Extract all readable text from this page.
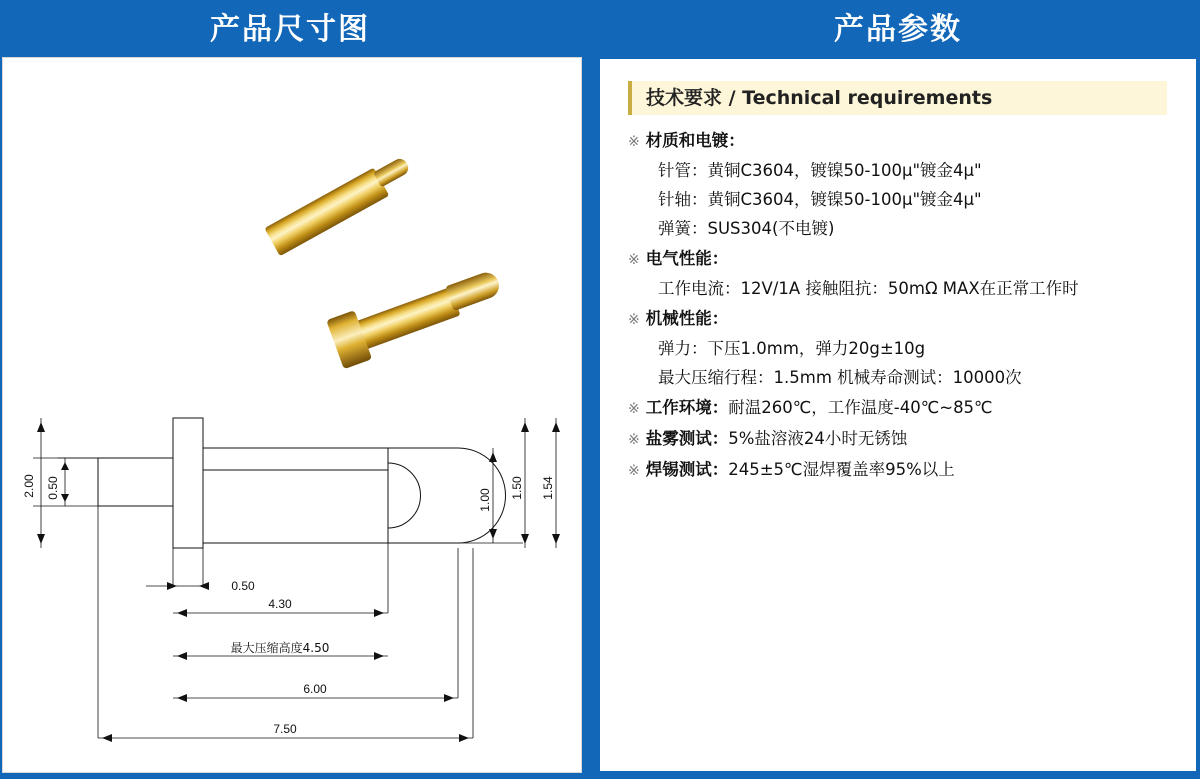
产品尺寸图	产品参数
2.00 0.50
1.00
1.50 1.54
0.50
4.30
最大压缩高度4.50
6.00
7.50
技术要求 / Technical requirements
※ 材质和电镀：
针管：黄铜C3604，镀镍50-100μ"镀金4μ"
针轴：黄铜C3604，镀镍50-100μ"镀金4μ"
弹簧：SUS304(不电镀)
※ 电气性能：
工作电流：12V/1A 接触阻抗：50mΩ MAX在正常工作时
※ 机械性能：
弹力：下压1.0mm，弹力20g±10g
最大压缩行程：1.5mm 机械寿命测试：10000次
※ 工作环境：耐温260℃，工作温度-40℃~85℃
※ 盐雾测试：5%盐溶液24小时无锈蚀
※ 焊锡测试：245±5℃湿焊覆盖率95%以上
